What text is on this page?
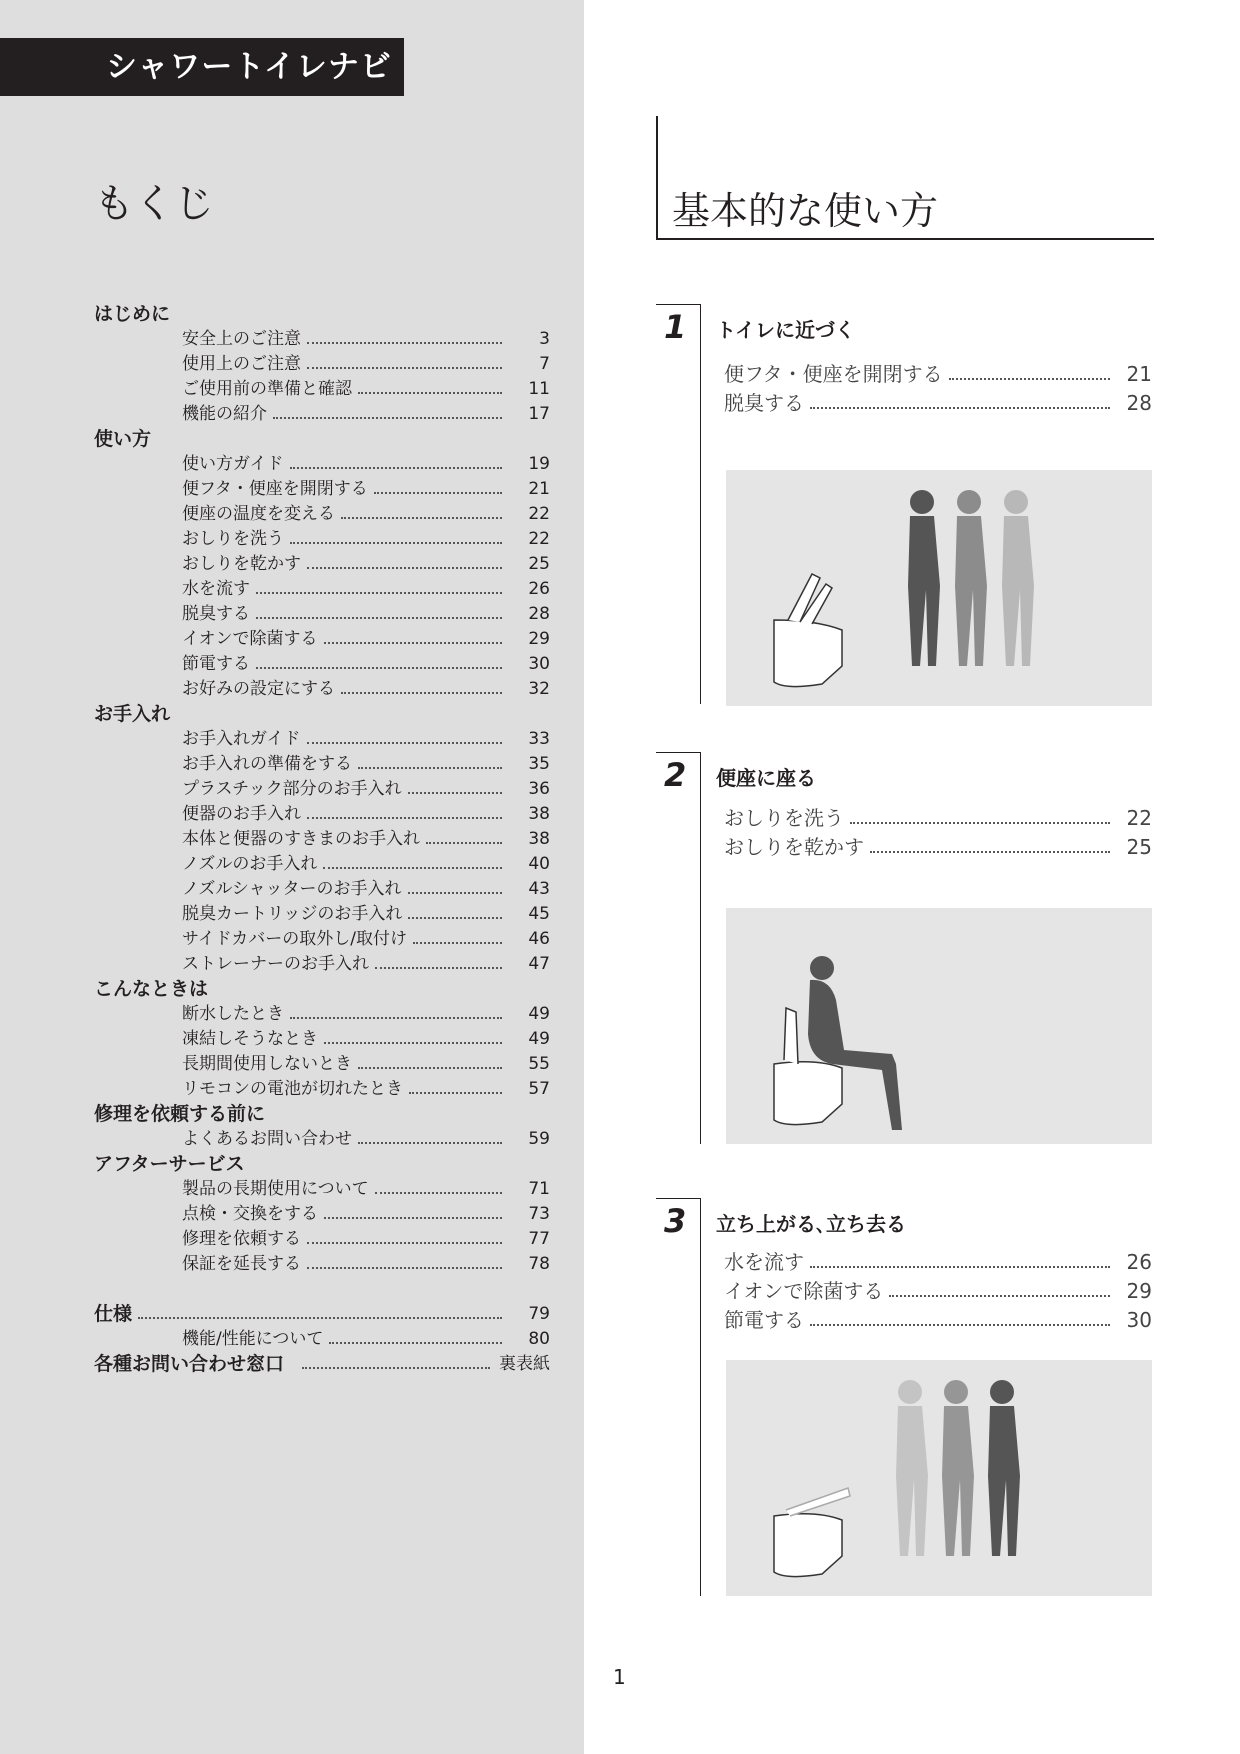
シャワートイレナビ
もくじ
はじめに
安全上のご注意	3
使用上のご注意	7
ご使用前の準備と確認	11
機能の紹介	17
使い方
使い方ガイド	19
便フタ・便座を開閉する	21
便座の温度を変える	22
おしりを洗う	22
おしりを乾かす	25
水を流す	26
脱臭する	28
イオンで除菌する	29
節電する	30
お好みの設定にする	32
お手入れ
お手入れガイド	33
お手入れの準備をする	35
プラスチック部分のお手入れ	36
便器のお手入れ	38
本体と便器のすきまのお手入れ	38
ノズルのお手入れ	40
ノズルシャッターのお手入れ	43
脱臭カートリッジのお手入れ	45
サイドカバーの取外し/取付け	46
ストレーナーのお手入れ	47
こんなときは
断水したとき	49
凍結しそうなとき	49
長期間使用しないとき	55
リモコンの電池が切れたとき	57
修理を依頼する前に
よくあるお問い合わせ	59
アフターサービス
製品の長期使用について	71
点検・交換をする	73
修理を依頼する	77
保証を延長する	78
仕様	79
機能/性能について	80
各種お問い合わせ窓口	裏表紙
基本的な使い方
1 トイレに近づく
便フタ・便座を開閉する	21
脱臭する	28
2 便座に座る
おしりを洗う	22
おしりを乾かす	25
3 立ち上がる､立ち去る
水を流す	26
イオンで除菌する	29
節電する	30
1
